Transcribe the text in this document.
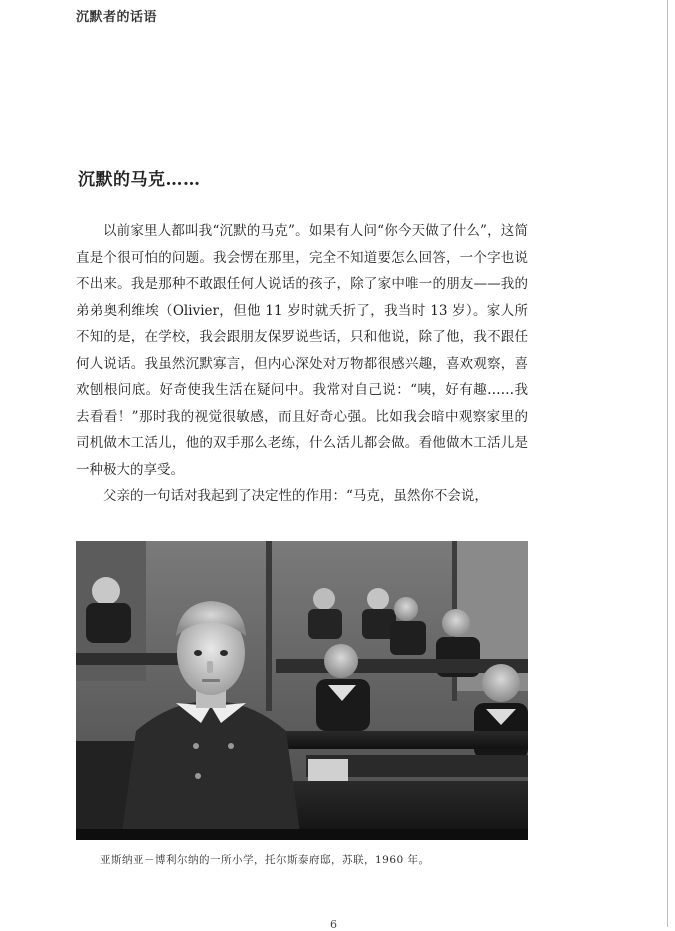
沉默者的话语
沉默的马克……

以前家里人都叫我“沉默的马克”。如果有人问“你今天做了什么”，这简直是个很可怕的问题。我会愣在那里，完全不知道要怎么回答，一个字也说不出来。我是那种不敢跟任何人说话的孩子，除了家中唯一的朋友——我的弟弟奥利维埃（Olivier，但他 11 岁时就夭折了，我当时 13 岁）。家人所不知的是，在学校，我会跟朋友保罗说些话，只和他说，除了他，我不跟任何人说话。我虽然沉默寡言，但内心深处对万物都很感兴趣，喜欢观察，喜欢刨根问底。好奇使我生活在疑问中。我常对自己说：“咦，好有趣……我去看看！”那时我的视觉很敏感，而且好奇心强。比如我会暗中观察家里的司机做木工活儿，他的双手那么老练，什么活儿都会做。看他做木工活儿是一种极大的享受。

父亲的一句话对我起到了决定性的作用：“马克，虽然你不会说，

亚斯纳亚－博利尔纳的一所小学，托尔斯泰府邸，苏联，1960 年。
6
